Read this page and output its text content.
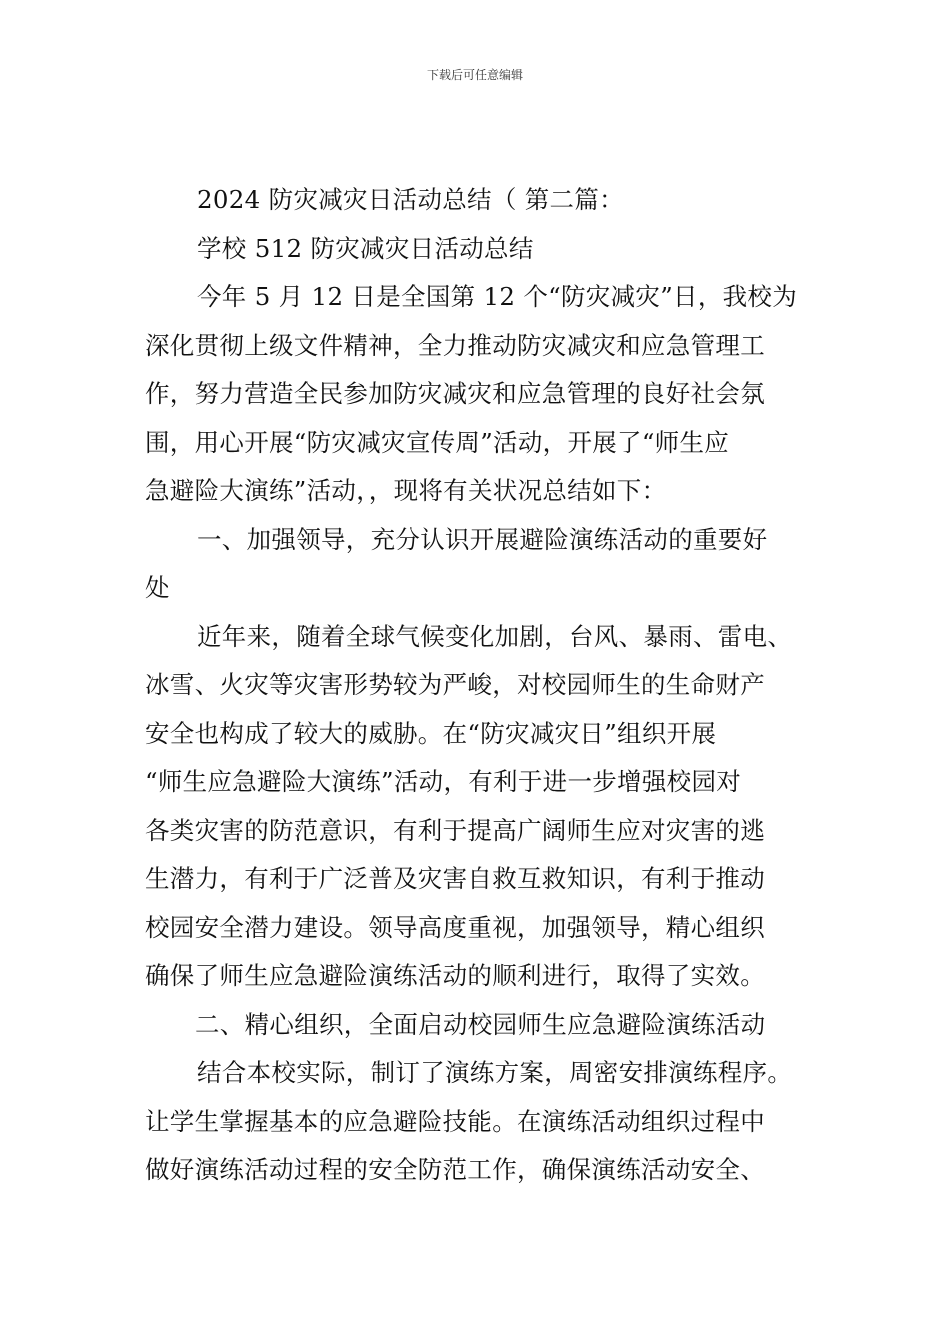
下载后可任意编辑
2024 防灾减灾日活动总结（ 第二篇：
学校 512 防灾减灾日活动总结
今年 5 月 12 日是全国第 12 个“防灾减灾”日，我校为
深化贯彻上级文件精神，全力推动防灾减灾和应急管理工
作，努力营造全民参加防灾减灾和应急管理的良好社会氛
围，用心开展“防灾减灾宣传周”活动，开展了“师生应
急避险大演练”活动，，现将有关状况总结如下：
一、加强领导，充分认识开展避险演练活动的重要好
处
近年来，随着全球气候变化加剧，台风、暴雨、雷电、
冰雪、火灾等灾害形势较为严峻，对校园师生的生命财产
安全也构成了较大的威胁。在“防灾减灾日”组织开展
“师生应急避险大演练”活动，有利于进一步增强校园对
各类灾害的防范意识，有利于提高广阔师生应对灾害的逃
生潜力，有利于广泛普及灾害自救互救知识，有利于推动
校园安全潜力建设。领导高度重视，加强领导，精心组织
确保了师生应急避险演练活动的顺利进行，取得了实效。
二、精心组织，全面启动校园师生应急避险演练活动
结合本校实际，制订了演练方案，周密安排演练程序。
让学生掌握基本的应急避险技能。在演练活动组织过程中
做好演练活动过程的安全防范工作，确保演练活动安全、
